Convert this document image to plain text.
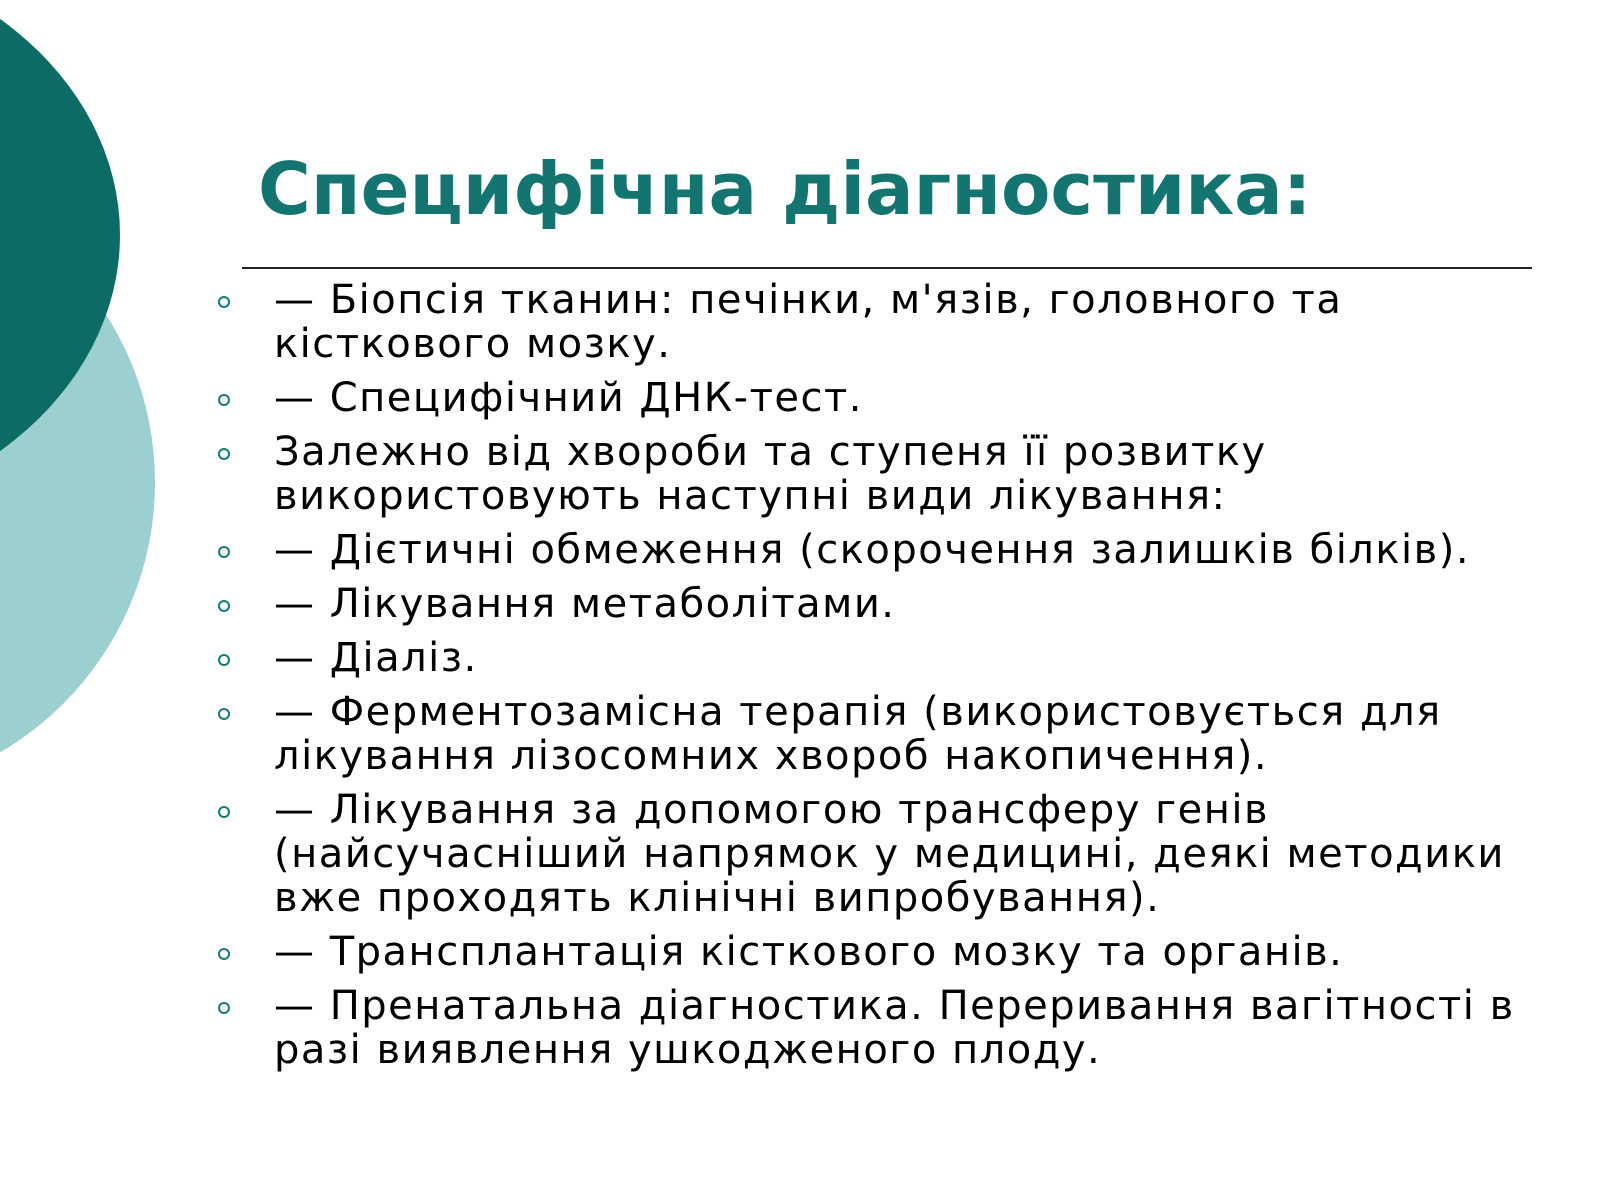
Специфічна діагностика:
— Біопсія тканин: печінки, м'язів, головного та кісткового мозку.
— Специфічний ДНК-тест.
Залежно від хвороби та ступеня її розвитку використовують наступні види лікування:
— Дієтичні обмеження (скорочення залишків білків).
— Лікування метаболітами.
— Діаліз.
— Ферментозамісна терапія (використовується для лікування лізосомних хвороб накопичення).
— Лікування за допомогою трансферу генів (найсучасніший напрямок у медицині, деякі методики вже проходять клінічні випробування).
— Трансплантація кісткового мозку та органів.
— Пренатальна діагностика. Переривання вагітності в разі виявлення ушкодженого плоду.
